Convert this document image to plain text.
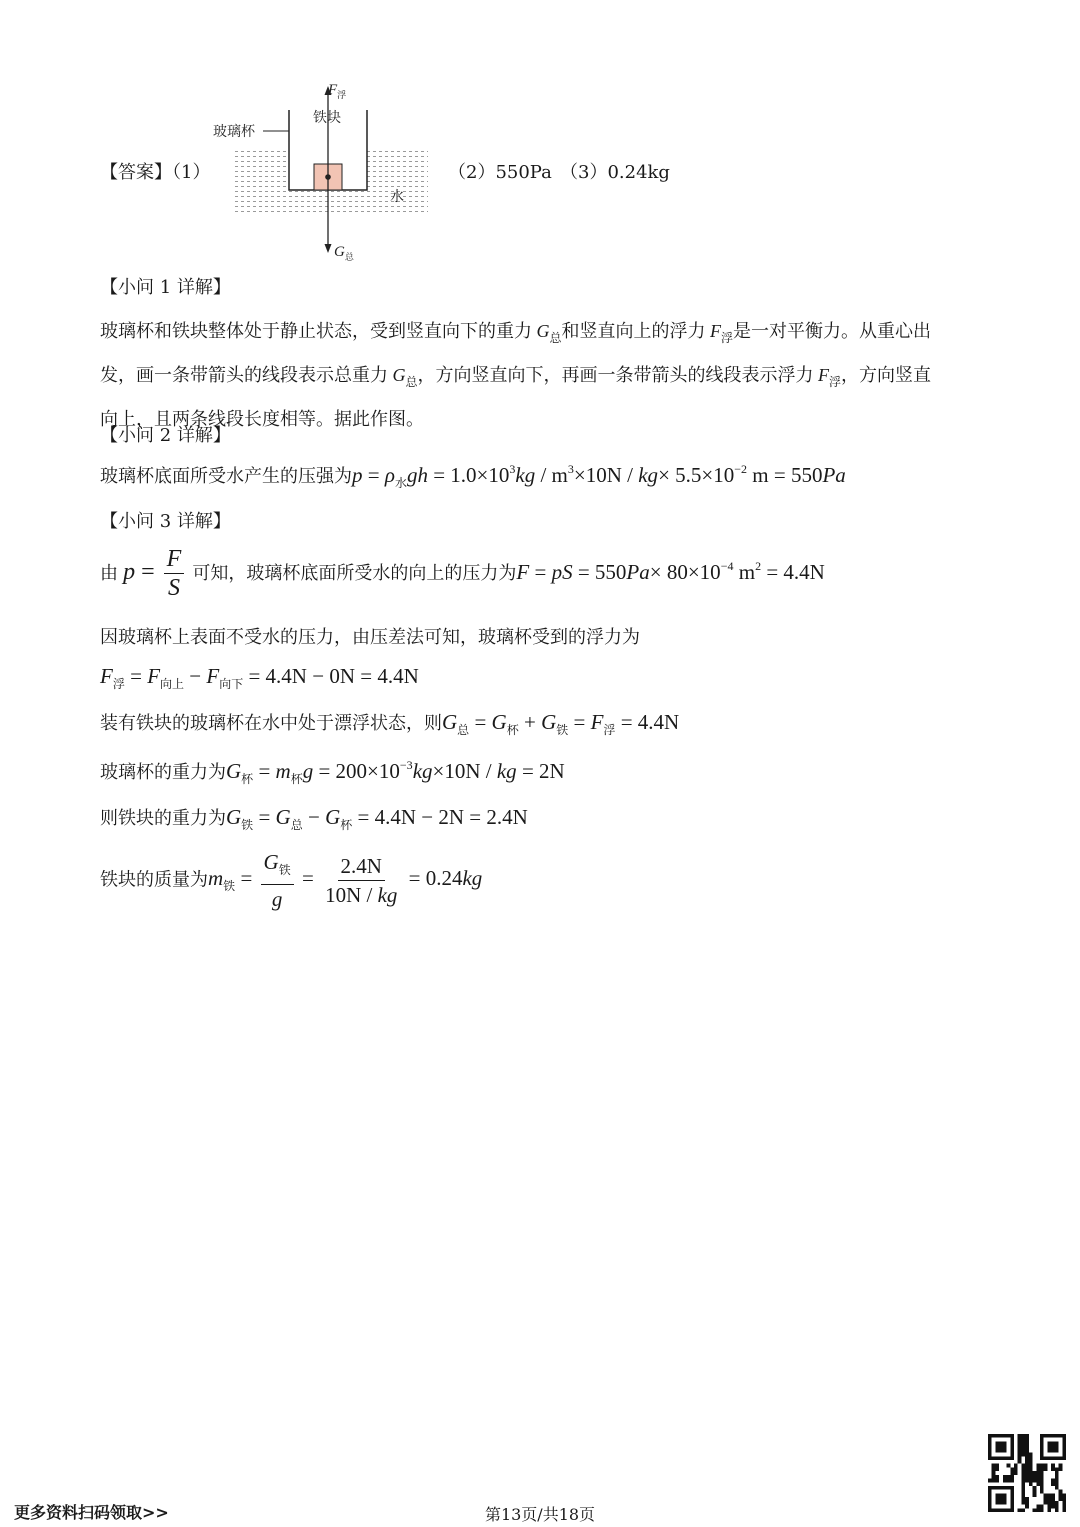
【答案】（1）
$F_浮$
铁块
玻璃杯
水
$G_总$
（2）550Pa （3）0.24kg
【小问 1 详解】
玻璃杯和铁块整体处于静止状态，受到竖直向下的重力 $G_总$和竖直向上的浮力 $F_浮$是一对平衡力。从重心出
发，画一条带箭头的线段表示总重力 $G_总$，方向竖直向下，再画一条带箭头的线段表示浮力 $F_浮$，方向竖直
向上，且两条线段长度相等。据此作图。
【小问 2 详解】
玻璃杯底面所受水产生的压强为$p = \rho_水gh = 1.0\times 10^3kg / m^3\times 10N / kg\times 5.5\times 10^{-2}$ m = 550Pa
【小问 3 详解】
由 $p = \frac{F}{S}$ 可知，玻璃杯底面所受水的向上的压力为F = pS = $550Pa\times 80\times 10^{-4}$ $m^2 = 4.4N$
因玻璃杯上表面不受水的压力，由压差法可知，玻璃杯受到的浮力为
$F_浮 = F_{向上} - F_{向下} = 4.4N - 0N = 4.4N$
装有铁块的玻璃杯在水中处于漂浮状态，则$G_总 = G_杯 + G_铁 = F_浮 = 4.4N$
玻璃杯的重力为$G_杯 = m_杯g = 200\times 10^{-3}kg\times 10N$ / kg = 2N
则铁块的重力为$G_铁 = G_总 - G_杯 = 4.4N - 2N = 2.4N$
铁块的质量为$m_铁 = \frac{G_铁}{g} = \frac{2.4N}{10N / kg} = 0.24kg$
更多资料扫码领取>>	第13页/共18页
